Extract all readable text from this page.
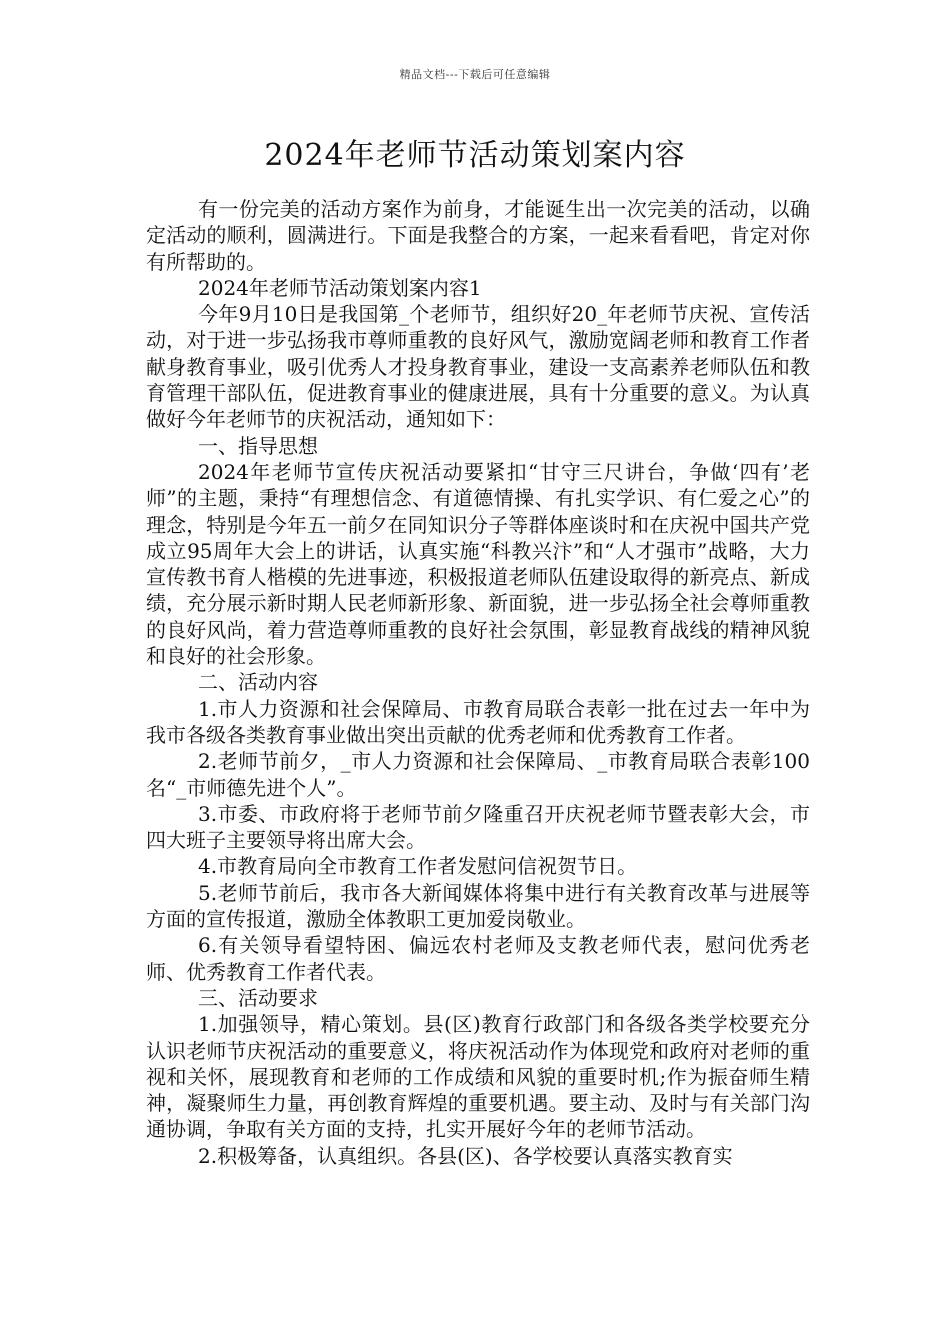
精品文档---下载后可任意编辑
2024年老师节活动策划案内容

有一份完美的活动方案作为前身，才能诞生出一次完美的活动，以确定活动的顺利，圆满进行。下面是我整合的方案，一起来看看吧，肯定对你有所帮助的。

2024年老师节活动策划案内容1

今年9月10日是我国第_个老师节，组织好20_年老师节庆祝、宣传活动，对于进一步弘扬我市尊师重教的良好风气，激励宽阔老师和教育工作者献身教育事业，吸引优秀人才投身教育事业，建设一支高素养老师队伍和教育管理干部队伍，促进教育事业的健康进展，具有十分重要的意义。为认真做好今年老师节的庆祝活动，通知如下：

一、指导思想

2024年老师节宣传庆祝活动要紧扣“甘守三尺讲台，争做‘四有’老师”的主题，秉持“有理想信念、有道德情操、有扎实学识、有仁爱之心”的理念，特别是今年五一前夕在同知识分子等群体座谈时和在庆祝中国共产党成立95周年大会上的讲话，认真实施“科教兴汴”和“人才强市”战略，大力宣传教书育人楷模的先进事迹，积极报道老师队伍建设取得的新亮点、新成绩，充分展示新时期人民老师新形象、新面貌，进一步弘扬全社会尊师重教的良好风尚，着力营造尊师重教的良好社会氛围，彰显教育战线的精神风貌和良好的社会形象。

二、活动内容

1.市人力资源和社会保障局、市教育局联合表彰一批在过去一年中为我市各级各类教育事业做出突出贡献的优秀老师和优秀教育工作者。

2.老师节前夕，_市人力资源和社会保障局、_市教育局联合表彰100名“_市师德先进个人”。

3.市委、市政府将于老师节前夕隆重召开庆祝老师节暨表彰大会，市四大班子主要领导将出席大会。

4.市教育局向全市教育工作者发慰问信祝贺节日。

5.老师节前后，我市各大新闻媒体将集中进行有关教育改革与进展等方面的宣传报道，激励全体教职工更加爱岗敬业。

6.有关领导看望特困、偏远农村老师及支教老师代表，慰问优秀老师、优秀教育工作者代表。

三、活动要求

1.加强领导，精心策划。县(区)教育行政部门和各级各类学校要充分认识老师节庆祝活动的重要意义，将庆祝活动作为体现党和政府对老师的重视和关怀，展现教育和老师的工作成绩和风貌的重要时机;作为振奋师生精神，凝聚师生力量，再创教育辉煌的重要机遇。要主动、及时与有关部门沟通协调，争取有关方面的支持，扎实开展好今年的老师节活动。

2.积极筹备，认真组织。各县(区)、各学校要认真落实教育实
